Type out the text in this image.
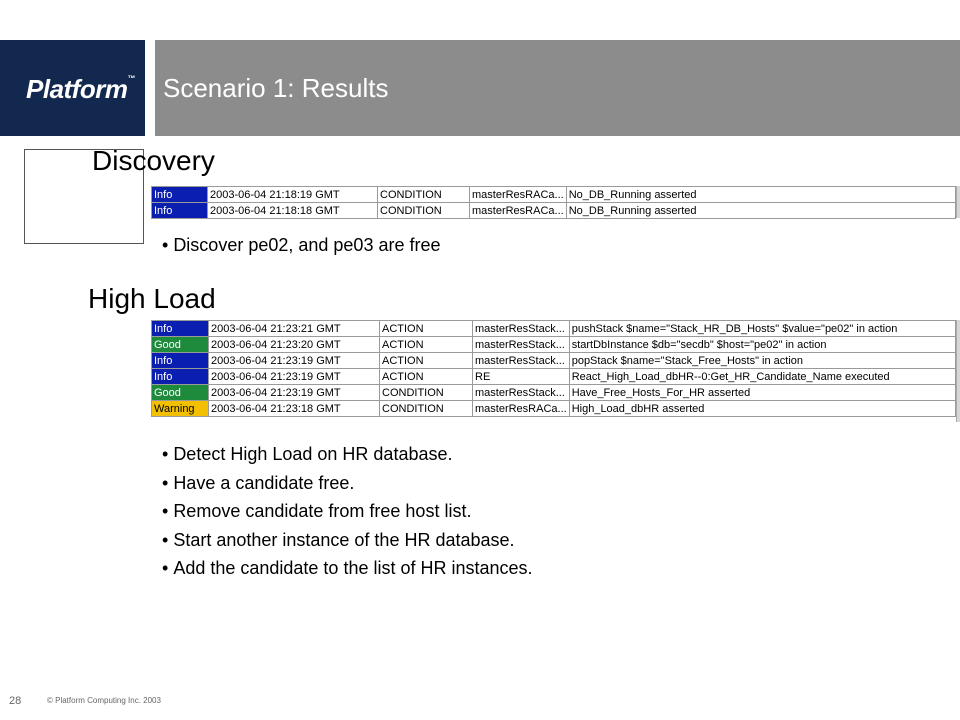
Platform™ Scenario 1: Results
Discovery
Info	2003-06-04 21:18:19 GMT	CONDITION	masterResRACa...	No_DB_Running asserted
Info	2003-06-04 21:18:18 GMT	CONDITION	masterResRACa...	No_DB_Running asserted
• Discover pe02, and pe03 are free
High Load
Info	2003-06-04 21:23:21 GMT	ACTION	masterResStack...	pushStack $name="Stack_HR_DB_Hosts" $value="pe02" in action
Good	2003-06-04 21:23:20 GMT	ACTION	masterResStack...	startDbInstance $db="secdb" $host="pe02" in action
Info	2003-06-04 21:23:19 GMT	ACTION	masterResStack...	popStack $name="Stack_Free_Hosts" in action
Info	2003-06-04 21:23:19 GMT	ACTION	RE	React_High_Load_dbHR--0:Get_HR_Candidate_Name executed
Good	2003-06-04 21:23:19 GMT	CONDITION	masterResStack...	Have_Free_Hosts_For_HR asserted
Warning	2003-06-04 21:23:18 GMT	CONDITION	masterResRACa...	High_Load_dbHR asserted
• Detect High Load on HR database.
• Have a candidate free.
• Remove candidate from free host list.
• Start another instance of the HR database.
• Add the candidate to the list of HR instances.
28	© Platform Computing Inc. 2003
